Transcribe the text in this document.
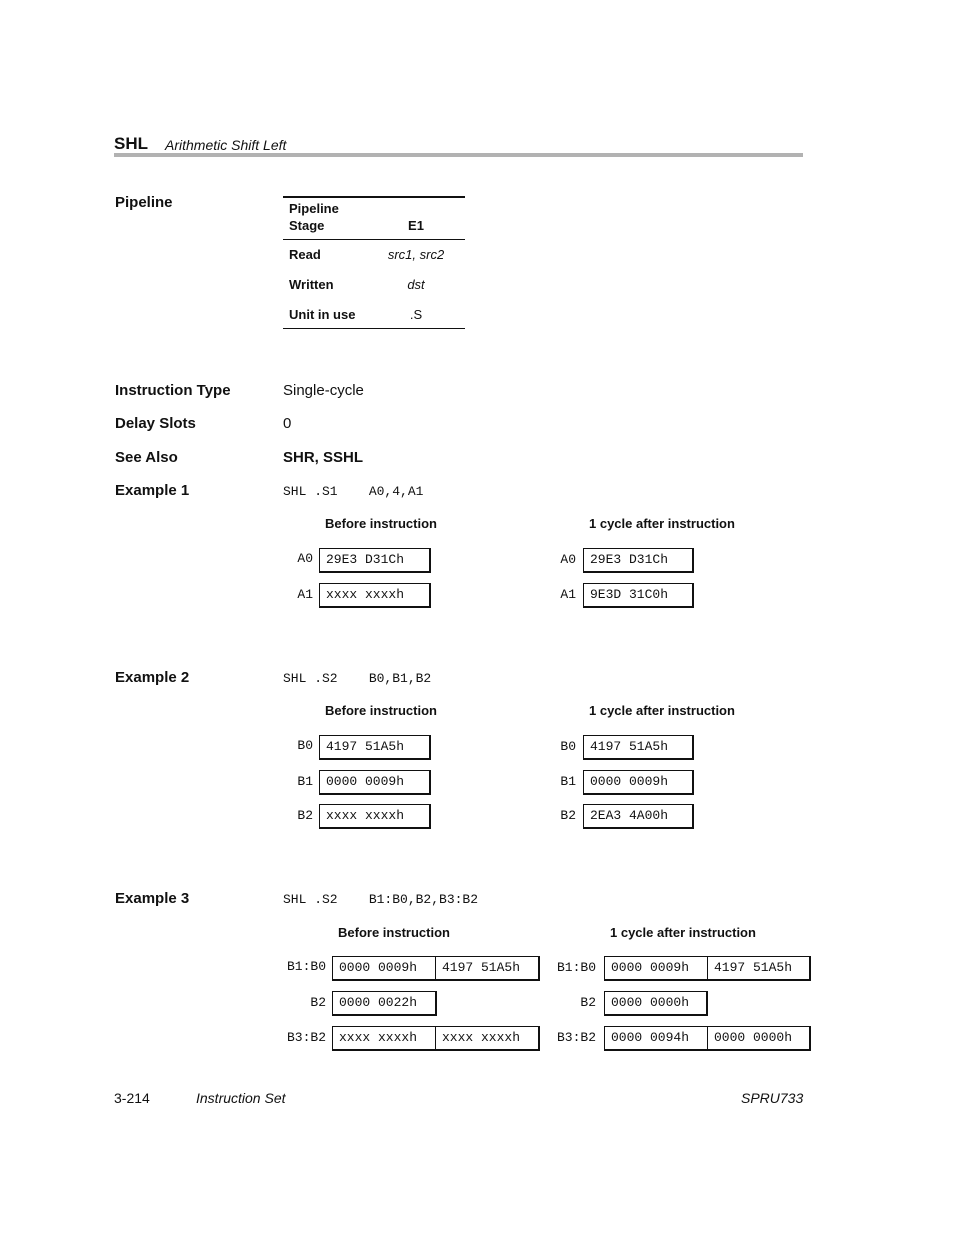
SHL Arithmetic Shift Left
Pipeline	Pipeline
Stage	E1
Read	src1, src2
Written	dst
Unit in use	.S
Instruction Type	Single-cycle
Delay Slots	0
See Also	SHR, SSHL
Example 1	SHL .S1    A0,4,A1
Before instruction	1 cycle after instruction
A0	29E3 D31Ch
A1	xxxx xxxxh
A0	29E3 D31Ch
A1	9E3D 31C0h
Example 2	SHL .S2    B0,B1,B2
Before instruction	1 cycle after instruction
B0	4197 51A5h
B1	0000 0009h
B2	xxxx xxxxh
B0	4197 51A5h
B1	0000 0009h
B2	2EA3 4A00h
Example 3	SHL .S2    B1:B0,B2,B3:B2
Before instruction	1 cycle after instruction
B1:B0	0000 0009h	4197 51A5h
B2	0000 0022h
B3:B2	xxxx xxxxh	xxxx xxxxh
B1:B0	0000 0009h	4197 51A5h
B2	0000 0000h
B3:B2	0000 0094h	0000 0000h
3-214	Instruction Set	SPRU733
